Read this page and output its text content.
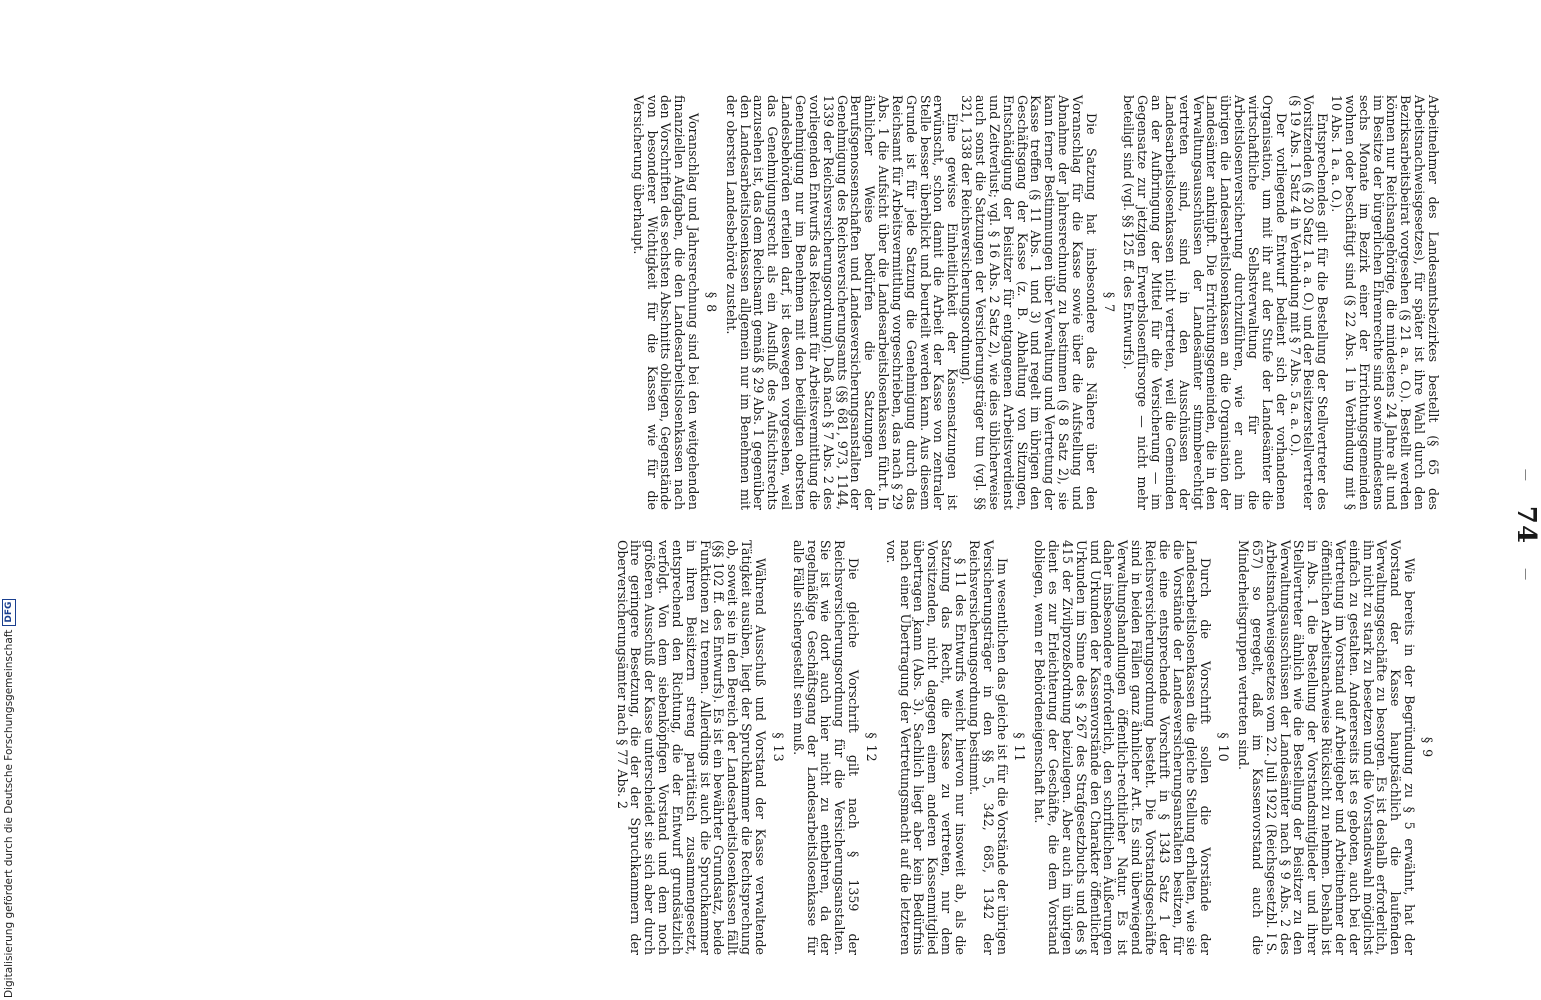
— 74 —

Arbeitnehmer des Landesamtsbezirkes bestellt (§ 65 des Arbeitsnachweisgesetzes), für später ist ihre Wahl durch den Bezirksarbeitsbeirat vorgesehen (§ 21 a. a. O.). Bestellt werden können nur Reichsangehörige, die mindestens 24 Jahre alt und im Besitze der bürgerlichen Ehrenrechte sind sowie mindestens sechs Monate im Bezirk einer der Errichtungsgemeinden wohnen oder beschäftigt sind (§ 22 Abs. 1 in Verbindung mit § 10 Abs. 1 a. a. O.).

Entsprechendes gilt für die Bestellung der Stellvertreter des Vorsitzenden (§ 20 Satz 1 a. a. O.) und der Beisitzerstellvertreter (§ 19 Abs. 1 Satz 4 in Verbindung mit § 7 Abs. 5 a. a. O.).

Der vorliegende Entwurf bedient sich der vorhandenen Organisation, um mit ihr auf der Stufe der Landesämter die wirtschaftliche Selbstverwaltung für die Arbeitslosenversicherung durchzuführen, wie er auch im übrigen die Landesarbeitslosenkassen an die Organisation der Landesämter anknüpft. Die Errichtungsgemeinden, die in den Verwaltungsausschüssen der Landesämter stimmberechtigt vertreten sind, sind in den Ausschüssen der Landesarbeitslosenkassen nicht vertreten, weil die Gemeinden an der Aufbringung der Mittel für die Versicherung — im Gegensatze zur jetzigen Erwerbslosenfürsorge — nicht mehr beteiligt sind (vgl. §§ 125 ff. des Entwurfs).

§ 7

Die Satzung hat insbesondere das Nähere über den Voranschlag für die Kasse sowie über die Aufstellung und Abnahme der Jahresrechnung zu bestimmen (§ 8 Satz 2), sie kann ferner Bestimmungen über Verwaltung und Vertretung der Kasse treffen (§ 11 Abs. 1 und 3) und regelt im übrigen den Geschäftsgang der Kasse (z. B. Abhaltung von Sitzungen, Entschädigung der Beisitzer für entgangenen Arbeitsverdienst und Zeitverlust; vgl. § 16 Abs. 2 Satz 2), wie dies üblicherweise auch sonst die Satzungen der Versicherungsträger tun (vgl. §§ 321, 1338 der Reichsversicherungsordnung).

Eine gewisse Einheitlichkeit der Kassensatzungen ist erwünscht, schon damit die Arbeit der Kasse von zentraler Stelle besser überblickt und beurteilt werden kann. Aus diesem Grunde ist für jede Satzung die Genehmigung durch das Reichsamt für Arbeitsvermittlung vorgeschrieben, das nach § 29 Abs. 1 die Aufsicht über die Landesarbeitslosenkassen führt. In ähnlicher Weise bedürfen die Satzungen der Berufsgenossenschaften und Landesversicherungsanstalten der Genehmigung des Reichsversicherungsamts (§§ 681, 973, 1144, 1339 der Reichsversicherungsordnung). Daß nach § 7 Abs. 2 des vorliegenden Entwurfs das Reichsamt für Arbeitsvermittlung die Genehmigung nur im Benehmen mit den beteiligten obersten Landesbehörden erteilen darf, ist deswegen vorgesehen, weil das Genehmigungsrecht als ein Ausfluß des Aufsichtsrechts anzusehen ist, das dem Reichsamt gemäß § 29 Abs. 1 gegenüber den Landesarbeitslosenkassen allgemein nur im Benehmen mit der obersten Landesbehörde zusteht.

§ 8

Voranschlag und Jahresrechnung sind bei den weitgehenden finanziellen Aufgaben, die den Landesarbeitslosenkassen nach den Vorschriften des sechsten Abschnitts obliegen, Gegenstände von besonderer Wichtigkeit für die Kassen wie für die Versicherung überhaupt.

§ 9

Wie bereits in der Begründung zu § 5 erwähnt, hat der Vorstand der Kasse hauptsächlich die laufenden Verwaltungsgeschäfte zu besorgen. Es ist deshalb erforderlich, ihn nicht zu stark zu besetzen und die Vorstandswahl möglichst einfach zu gestalten. Andererseits ist es geboten, auch bei der Vertretung im Vorstand auf Arbeitgeber und Arbeitnehmer der öffentlichen Arbeitsnachweise Rücksicht zu nehmen. Deshalb ist in Abs. 1 die Bestellung der Vorstandsmitglieder und ihrer Stellvertreter ähnlich wie die Bestellung der Beisitzer zu den Verwaltungsausschüssen der Landesämter nach § 9 Abs. 2 des Arbeitsnachweisgesetzes vom 22. Juli 1922 (Reichsgesetzbl. I S. 657) so geregelt, daß im Kassenvorstand auch die Minderheitsgruppen vertreten sind.

§ 10

Durch die Vorschrift sollen die Vorstände der Landesarbeitslosenkassen die gleiche Stellung erhalten, wie sie die Vorstände der Landesversicherungsanstalten besitzen, für die eine entsprechende Vorschrift in § 1343 Satz 1 der Reichsversicherungsordnung besteht. Die Vorstandsgeschäfte sind in beiden Fällen ganz ähnlicher Art. Es sind überwiegend Verwaltungshandlungen öffentlich-rechtlicher Natur. Es ist daher insbesondere erforderlich, den schriftlichen Äußerungen und Urkunden der Kassenvorstände den Charakter öffentlicher Urkunden im Sinne des § 267 des Strafgesetzbuchs und des § 415 der Zivilprozeßordnung beizulegen. Aber auch im übrigen dient es zur Erleichterung der Geschäfte, die dem Vorstand obliegen, wenn er Behördeneigenschaft hat.

§ 11

Im wesentlichen das gleiche ist für die Vorstände der übrigen Versicherungsträger in den §§ 5, 342, 685, 1342 der Reichsversicherungsordnung bestimmt.

§ 11 des Entwurfs weicht hiervon nur insoweit ab, als die Satzung das Recht, die Kasse zu vertreten, nur dem Vorsitzenden, nicht dagegen einem anderen Kassenmitglied übertragen kann (Abs. 3). Sachlich liegt aber kein Bedürfnis nach einer Übertragung der Vertretungsmacht auf die letzteren vor.

§ 12

Die gleiche Vorschrift gilt nach § 1359 der Reichsversicherungsordnung für die Versicherungsanstalten. Sie ist wie dort auch hier nicht zu entbehren, da der regelmäßige Geschäftsgang der Landesarbeitslosenkasse für alle Fälle sichergestellt sein muß.

§ 13

Während Ausschuß und Vorstand der Kasse verwaltende Tätigkeit ausüben, liegt der Spruchkammer die Rechtsprechung ob, soweit sie in den Bereich der Landesarbeitslosenkassen fällt (§§ 102 ff. des Entwurfs). Es ist ein bewährter Grundsatz, beide Funktionen zu trennen. Allerdings ist auch die Spruchkammer in ihren Beisitzern streng paritätisch zusammengesetzt, entsprechend den Richtung, die der Entwurf grundsätzlich verfolgt. Von dem siebenköpfigen Vorstand und dem noch größeren Ausschuß der Kasse unterscheidet sie sich aber durch ihre geringere Besetzung, die der der Spruchkammern der Oberversicherungsämter nach § 77 Abs. 2

Digitalisierung gefördert durch die Deutsche Forschungsgemeinschaft
DFG
